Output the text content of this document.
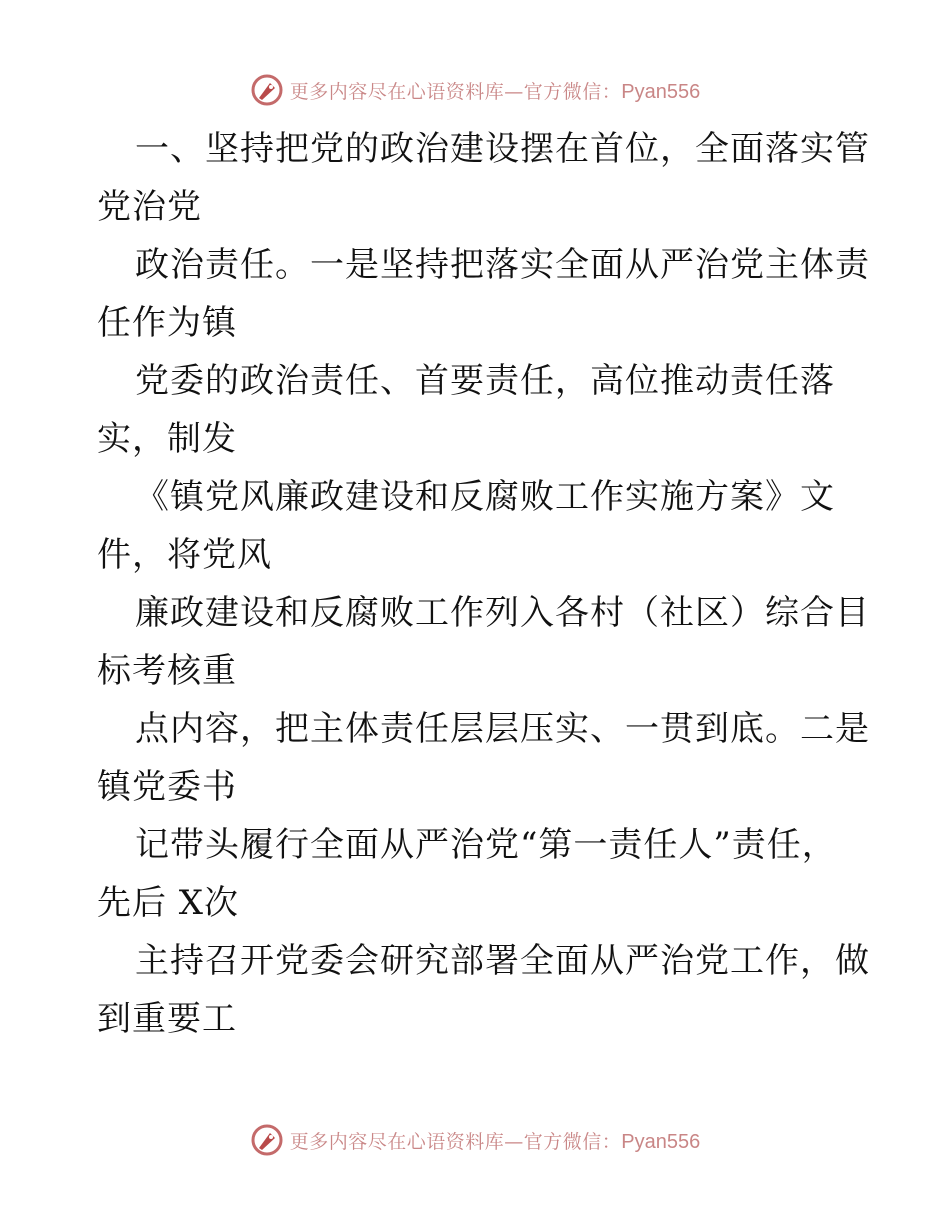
更多内容尽在心语资料库—官方微信：Pyan556
一、坚持把党的政治建设摆在首位，全面落实管
党治党
政治责任。一是坚持把落实全面从严治党主体责
任作为镇
党委的政治责任、首要责任，高位推动责任落
实，制发
《镇党风廉政建设和反腐败工作实施方案》文
件，将党风
廉政建设和反腐败工作列入各村（社区）综合目
标考核重
点内容，把主体责任层层压实、一贯到底。二是
镇党委书
记带头履行全面从严治党“第一责任人”责任，
先后 X次
主持召开党委会研究部署全面从严治党工作，做
到重要工
更多内容尽在心语资料库—官方微信：Pyan556
